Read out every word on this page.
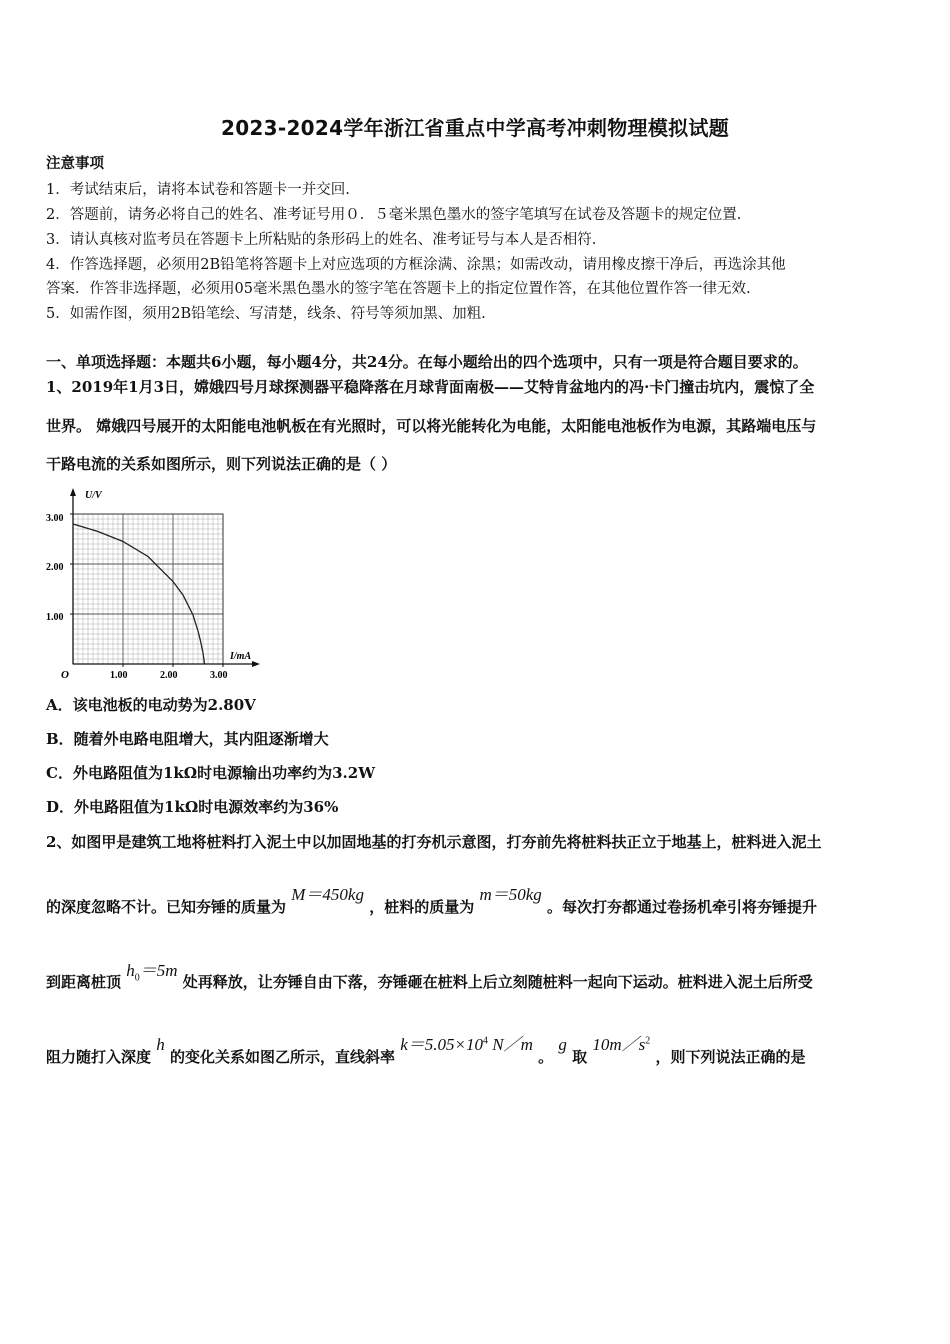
2023-2024学年浙江省重点中学高考冲刺物理模拟试题
注意事项
1．考试结束后，请将本试卷和答题卡一并交回.
2．答题前，请务必将自己的姓名、准考证号用０．５毫米黑色墨水的签字笔填写在试卷及答题卡的规定位置.
3．请认真核对监考员在答题卡上所粘贴的条形码上的姓名、准考证号与本人是否相符.
4．作答选择题，必须用2B铅笔将答题卡上对应选项的方框涂满、涂黑；如需改动，请用橡皮擦干净后，再选涂其他
答案．作答非选择题，必须用05毫米黑色墨水的签字笔在答题卡上的指定位置作答，在其他位置作答一律无效.
5．如需作图，须用2B铅笔绘、写清楚，线条、符号等须加黑、加粗.
一、单项选择题：本题共6小题，每小题4分，共24分。在每小题给出的四个选项中，只有一项是符合题目要求的。
1、2019年1月3日，嫦娥四号月球探测器平稳降落在月球背面南极——艾特肯盆地内的冯·卡门撞击坑内，震惊了全
世界。 嫦娥四号展开的太阳能电池帆板在有光照时，可以将光能转化为电能，太阳能电池板作为电源，其路端电压与
干路电流的关系如图所示，则下列说法正确的是（ ）
U/V
I/mA
O
3.00
2.00
1.00
1.00	2.00	3.00
A．该电池板的电动势为2.80V
B．随着外电路电阻增大，其内阻逐渐增大
C．外电路阻值为1kΩ时电源输出功率约为3.2W
D．外电路阻值为1kΩ时电源效率约为36%
2、如图甲是建筑工地将桩料打入泥土中以加固地基的打夯机示意图，打夯前先将桩料扶正立于地基上，桩料进入泥土
的深度忽略不计。已知夯锤的质量为 M＝450kg ，桩料的质量为 m＝50kg 。每次打夯都通过卷扬机牵引将夯锤提升
到距离桩顶 $h_0=5m$ 处再释放，让夯锤自由下落，夯锤砸在桩料上后立刻随桩料一起向下运动。桩料进入泥土后所受
阻力随打入深度 h 的变化关系如图乙所示，直线斜率 $k=5.05\times 10^4$ N／m 。 g 取 $10m/s^2$ ，则下列说法正确的是
